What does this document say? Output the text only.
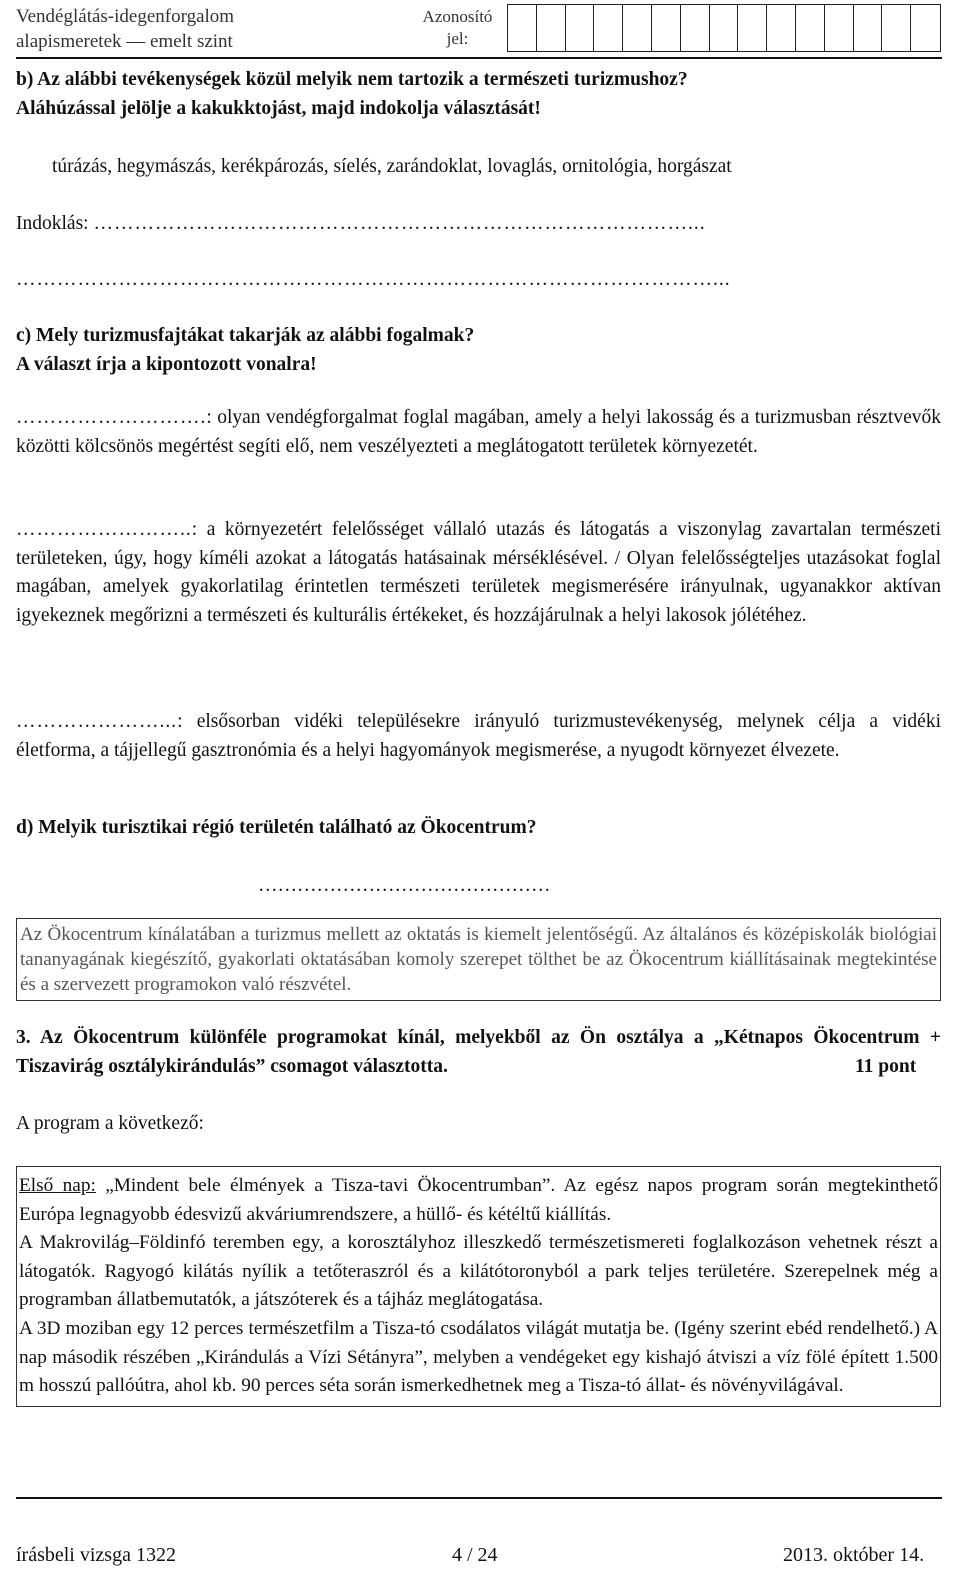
Vendéglátás-idegenforgalom
alapismeretek — emelt szint
Azonosító
jel:
b) Az alábbi tevékenységek közül melyik nem tartozik a természeti turizmushoz?
Aláhúzással jelölje a kakukktojást, majd indokolja választását!
túrázás, hegymászás, kerékpározás, síelés, zarándoklat, lovaglás, ornitológia, horgászat
Indoklás: ……………………………………………………………………………...
…………………………………………………………………………………………...
c) Mely turizmusfajtákat takarják az alábbi fogalmak?
A választ írja a kipontozott vonalra!
……………………….: olyan vendégforgalmat foglal magában, amely a helyi lakosság és a turizmusban résztvevők közötti kölcsönös megértést segíti elő, nem veszélyezteti a meglátogatott területek környezetét.
……………………..: a környezetért felelősséget vállaló utazás és látogatás a viszonylag zavartalan természeti területeken, úgy, hogy kíméli azokat a látogatás hatásainak mérséklésével. / Olyan felelősségteljes utazásokat foglal magában, amelyek gyakorlatilag érintetlen természeti területek megismerésére irányulnak, ugyanakkor aktívan igyekeznek megőrizni a természeti és kulturális értékeket, és hozzájárulnak a helyi lakosok jólétéhez.
…………………...: elsősorban vidéki településekre irányuló turizmustevékenység, melynek célja a vidéki életforma, a tájjellegű gasztronómia és a helyi hagyományok megismerése, a nyugodt környezet élvezete.
d) Melyik turisztikai régió területén található az Ökocentrum?
………………………………………
Az Ökocentrum kínálatában a turizmus mellett az oktatás is kiemelt jelentőségű. Az általános és középiskolák biológiai tananyagának kiegészítő, gyakorlati oktatásában komoly szerepet tölthet be az Ökocentrum kiállításainak megtekintése és a szervezett programokon való részvétel.
3. Az Ökocentrum különféle programokat kínál, melyekből az Ön osztálya a „Kétnapos Ökocentrum + Tiszavirág osztálykirándulás” csomagot választotta.	11 pont
A program a következő:
Első nap: „Mindent bele élmények a Tisza-tavi Ökocentrumban”. Az egész napos program során megtekinthető Európa legnagyobb édesvizű akváriumrendszere, a hüllő- és kétéltű kiállítás.
A Makrovilág–Földinfó teremben egy, a korosztályhoz illeszkedő természetismereti foglalkozáson vehetnek részt a látogatók. Ragyogó kilátás nyílik a tetőteraszról és a kilátótoronyból a park teljes területére. Szerepelnek még a programban állatbemutatók, a játszóterek és a tájház meglátogatása.
A 3D moziban egy 12 perces természetfilm a Tisza-tó csodálatos világát mutatja be. (Igény szerint ebéd rendelhető.) A nap második részében „Kirándulás a Vízi Sétányra”, melyben a vendégeket egy kishajó átviszi a víz fölé épített 1.500 m hosszú pallóútra, ahol kb. 90 perces séta során ismerkedhetnek meg a Tisza-tó állat- és növényvilágával.
írásbeli vizsga 1322	4 / 24	2013. október 14.
